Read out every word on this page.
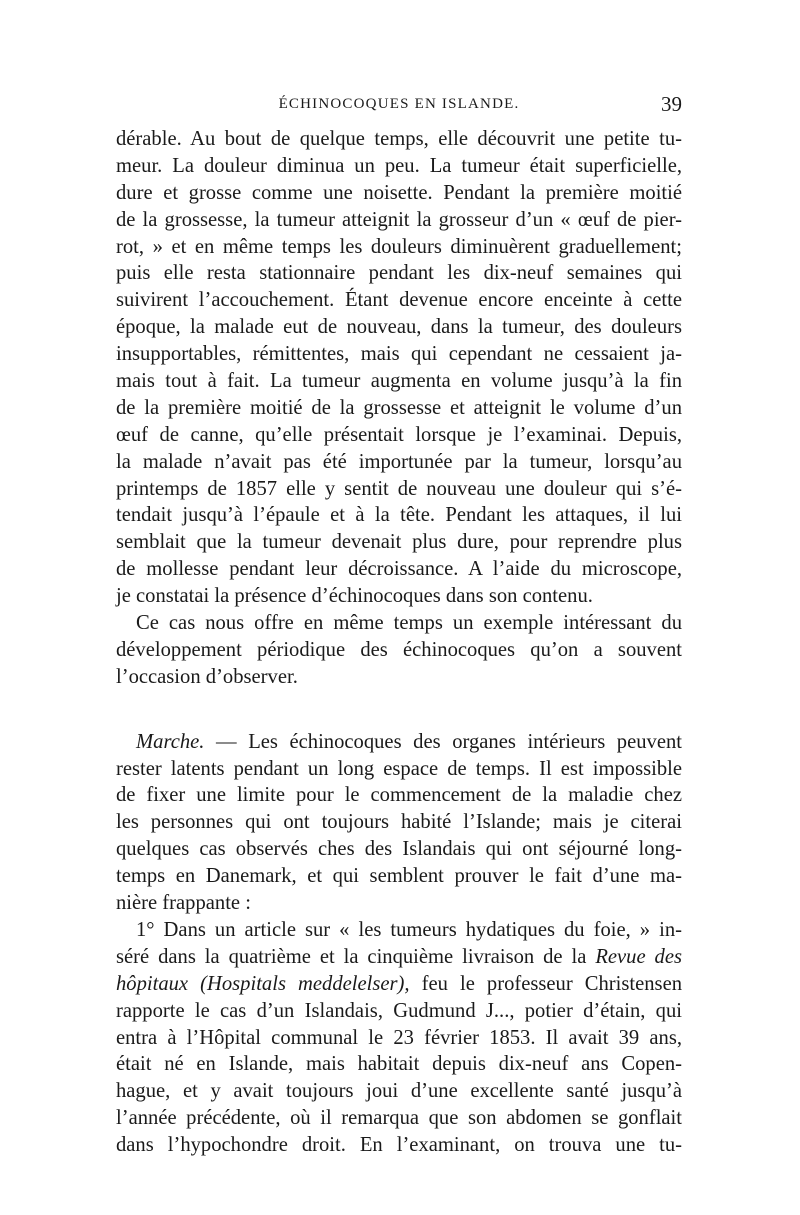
ÉCHINOCOQUES EN ISLANDE.	39
dérable. Au bout de quelque temps, elle découvrit une petite tu-
meur. La douleur diminua un peu. La tumeur était superficielle,
dure et grosse comme une noisette. Pendant la première moitié
de la grossesse, la tumeur atteignit la grosseur d’un « œuf de pier-
rot, » et en même temps les douleurs diminuèrent graduellement;
puis elle resta stationnaire pendant les dix-neuf semaines qui
suivirent l’accouchement. Étant devenue encore enceinte à cette
époque, la malade eut de nouveau, dans la tumeur, des douleurs
insupportables, rémittentes, mais qui cependant ne cessaient ja-
mais tout à fait. La tumeur augmenta en volume jusqu’à la fin
de la première moitié de la grossesse et atteignit le volume d’un
œuf de canne, qu’elle présentait lorsque je l’examinai. Depuis,
la malade n’avait pas été importunée par la tumeur, lorsqu’au
printemps de 1857 elle y sentit de nouveau une douleur qui s’é-
tendait jusqu’à l’épaule et à la tête. Pendant les attaques, il lui
semblait que la tumeur devenait plus dure, pour reprendre plus
de mollesse pendant leur décroissance. A l’aide du microscope,
je constatai la présence d’échinocoques dans son contenu.
Ce cas nous offre en même temps un exemple intéressant du
développement périodique des échinocoques qu’on a souvent
l’occasion d’observer.
Marche. — Les échinocoques des organes intérieurs peuvent
rester latents pendant un long espace de temps. Il est impossible
de fixer une limite pour le commencement de la maladie chez
les personnes qui ont toujours habité l’Islande; mais je citerai
quelques cas observés ches des Islandais qui ont séjourné long-
temps en Danemark, et qui semblent prouver le fait d’une ma-
nière frappante :
1° Dans un article sur « les tumeurs hydatiques du foie, » in-
séré dans la quatrième et la cinquième livraison de la Revue des
hôpitaux (Hospitals meddelelser), feu le professeur Christensen
rapporte le cas d’un Islandais, Gudmund J..., potier d’étain, qui
entra à l’Hôpital communal le 23 février 1853. Il avait 39 ans,
était né en Islande, mais habitait depuis dix-neuf ans Copen-
hague, et y avait toujours joui d’une excellente santé jusqu’à
l’année précédente, où il remarqua que son abdomen se gonflait
dans l’hypochondre droit. En l’examinant, on trouva une tu-
